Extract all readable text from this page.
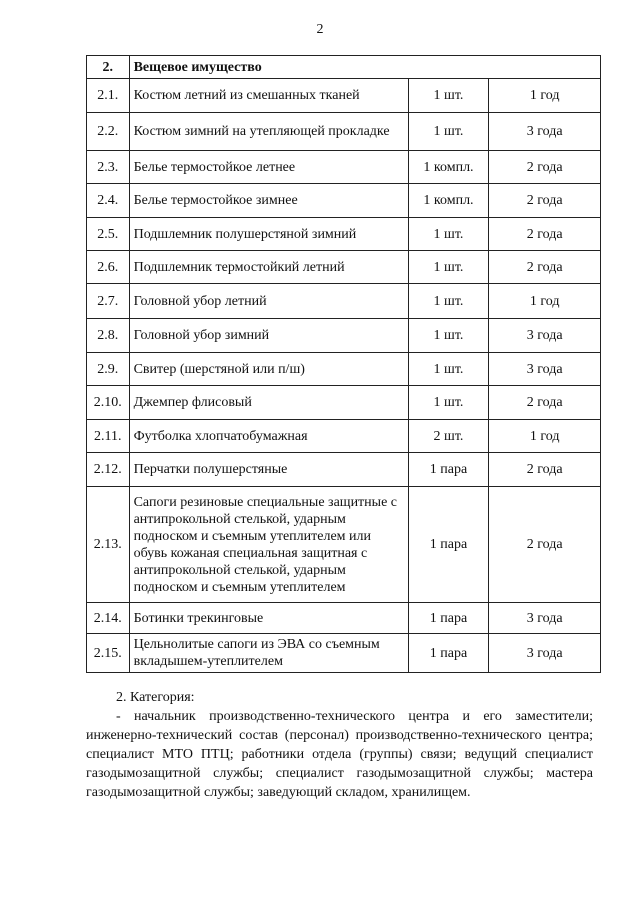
2
2.	Вещевое имущество		
2.1.	Костюм летний из смешанных тканей	1 шт.	1 год
2.2.	Костюм зимний на утепляющей прокладке	1 шт.	3 года
2.3.	Белье термостойкое летнее	1 компл.	2 года
2.4.	Белье термостойкое зимнее	1 компл.	2 года
2.5.	Подшлемник полушерстяной зимний	1 шт.	2 года
2.6.	Подшлемник термостойкий летний	1 шт.	2 года
2.7.	Головной убор летний	1 шт.	1 год
2.8.	Головной убор зимний	1 шт.	3 года
2.9.	Свитер (шерстяной или п/ш)	1 шт.	3 года
2.10.	Джемпер флисовый	1 шт.	2 года
2.11.	Футболка хлопчатобумажная	2 шт.	1 год
2.12.	Перчатки полушерстяные	1 пара	2 года
2.13.	Сапоги резиновые специальные защитные с антипрокольной стелькой, ударным подноском и съемным утеплителем или обувь кожаная специальная защитная с антипрокольной стелькой, ударным подноском и съемным утеплителем	1 пара	2 года
2.14.	Ботинки трекинговые	1 пара	3 года
2.15.	Цельнолитые сапоги из ЭВА со съемным вкладышем-утеплителем	1 пара	3 года
2. Категория:
- начальник производственно-технического центра и его заместители; инженерно-технический состав (персонал) производственно-технического центра; специалист МТО ПТЦ; работники отдела (группы) связи; ведущий специалист газодымозащитной службы; специалист газодымозащитной службы; мастера газодымозащитной службы; заведующий складом, хранилищем.
